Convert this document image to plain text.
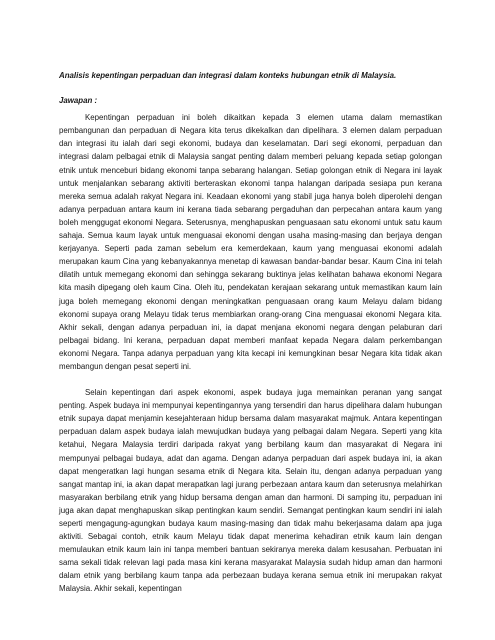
Analisis kepentingan perpaduan dan integrasi dalam konteks hubungan etnik di Malaysia.

Jawapan :

Kepentingan perpaduan ini boleh dikaitkan kepada 3 elemen utama dalam memastikan pembangunan dan perpaduan di Negara kita terus dikekalkan dan dipelihara. 3 elemen dalam perpaduan dan integrasi itu ialah dari segi ekonomi, budaya dan keselamatan. Dari segi ekonomi, perpaduan dan integrasi dalam pelbagai etnik di Malaysia sangat penting dalam memberi peluang kepada setiap golongan etnik untuk menceburi bidang ekonomi tanpa sebarang halangan. Setiap golongan etnik di Negara ini layak untuk menjalankan sebarang aktiviti berteraskan ekonomi tanpa halangan daripada sesiapa pun kerana mereka semua adalah rakyat Negara ini. Keadaan ekonomi yang stabil juga hanya boleh diperolehi dengan adanya perpaduan antara kaum ini kerana tiada sebarang pergaduhan dan perpecahan antara kaum yang boleh menggugat ekonomi Negara. Seterusnya, menghapuskan penguasaan satu ekonomi untuk satu kaum sahaja. Semua kaum layak untuk menguasai ekonomi dengan usaha masing-masing dan berjaya dengan kerjayanya. Seperti pada zaman sebelum era kemerdekaan, kaum yang menguasai ekonomi adalah merupakan kaum Cina yang kebanyakannya menetap di kawasan bandar-bandar besar. Kaum Cina ini telah dilatih untuk memegang ekonomi dan sehingga sekarang buktinya jelas kelihatan bahawa ekonomi Negara kita masih dipegang oleh kaum Cina. Oleh itu, pendekatan kerajaan sekarang untuk memastikan kaum lain juga boleh memegang ekonomi dengan meningkatkan penguasaan orang kaum Melayu dalam bidang ekonomi supaya orang Melayu tidak terus membiarkan orang-orang Cina menguasai ekonomi Negara kita. Akhir sekali, dengan adanya perpaduan ini, ia dapat menjana ekonomi negara dengan pelaburan dari pelbagai bidang. Ini kerana, perpaduan dapat memberi manfaat kepada Negara dalam perkembangan ekonomi Negara. Tanpa adanya perpaduan yang kita kecapi ini kemungkinan besar Negara kita tidak akan membangun dengan pesat seperti ini.

Selain kepentingan dari aspek ekonomi, aspek budaya juga memainkan peranan yang sangat penting. Aspek budaya ini mempunyai kepentingannya yang tersendiri dan harus dipelihara dalam hubungan etnik supaya dapat menjamin kesejahteraan hidup bersama dalam masyarakat majmuk. Antara kepentingan perpaduan dalam aspek budaya ialah mewujudkan budaya yang pelbagai dalam Negara. Seperti yang kita ketahui, Negara Malaysia terdiri daripada rakyat yang berbilang kaum dan masyarakat di Negara ini mempunyai pelbagai budaya, adat dan agama. Dengan adanya perpaduan dari aspek budaya ini, ia akan dapat mengeratkan lagi hungan sesama etnik di Negara kita. Selain itu, dengan adanya perpaduan yang sangat mantap ini, ia akan dapat merapatkan lagi jurang perbezaan antara kaum dan seterusnya melahirkan masyarakan berbilang etnik yang hidup bersama dengan aman dan harmoni. Di samping itu, perpaduan ini juga akan dapat menghapuskan sikap pentingkan kaum sendiri. Semangat pentingkan kaum sendiri ini ialah seperti mengagung-agungkan budaya kaum masing-masing dan tidak mahu bekerjasama dalam apa juga aktiviti. Sebagai contoh, etnik kaum Melayu tidak dapat menerima kehadiran etnik kaum lain dengan memulaukan etnik kaum lain ini tanpa memberi bantuan sekiranya mereka dalam kesusahan. Perbuatan ini sama sekali tidak relevan lagi pada masa kini kerana masyarakat Malaysia sudah hidup aman dan harmoni dalam etnik yang berbilang kaum tanpa ada perbezaan budaya kerana semua etnik ini merupakan rakyat Malaysia. Akhir sekali, kepentingan
